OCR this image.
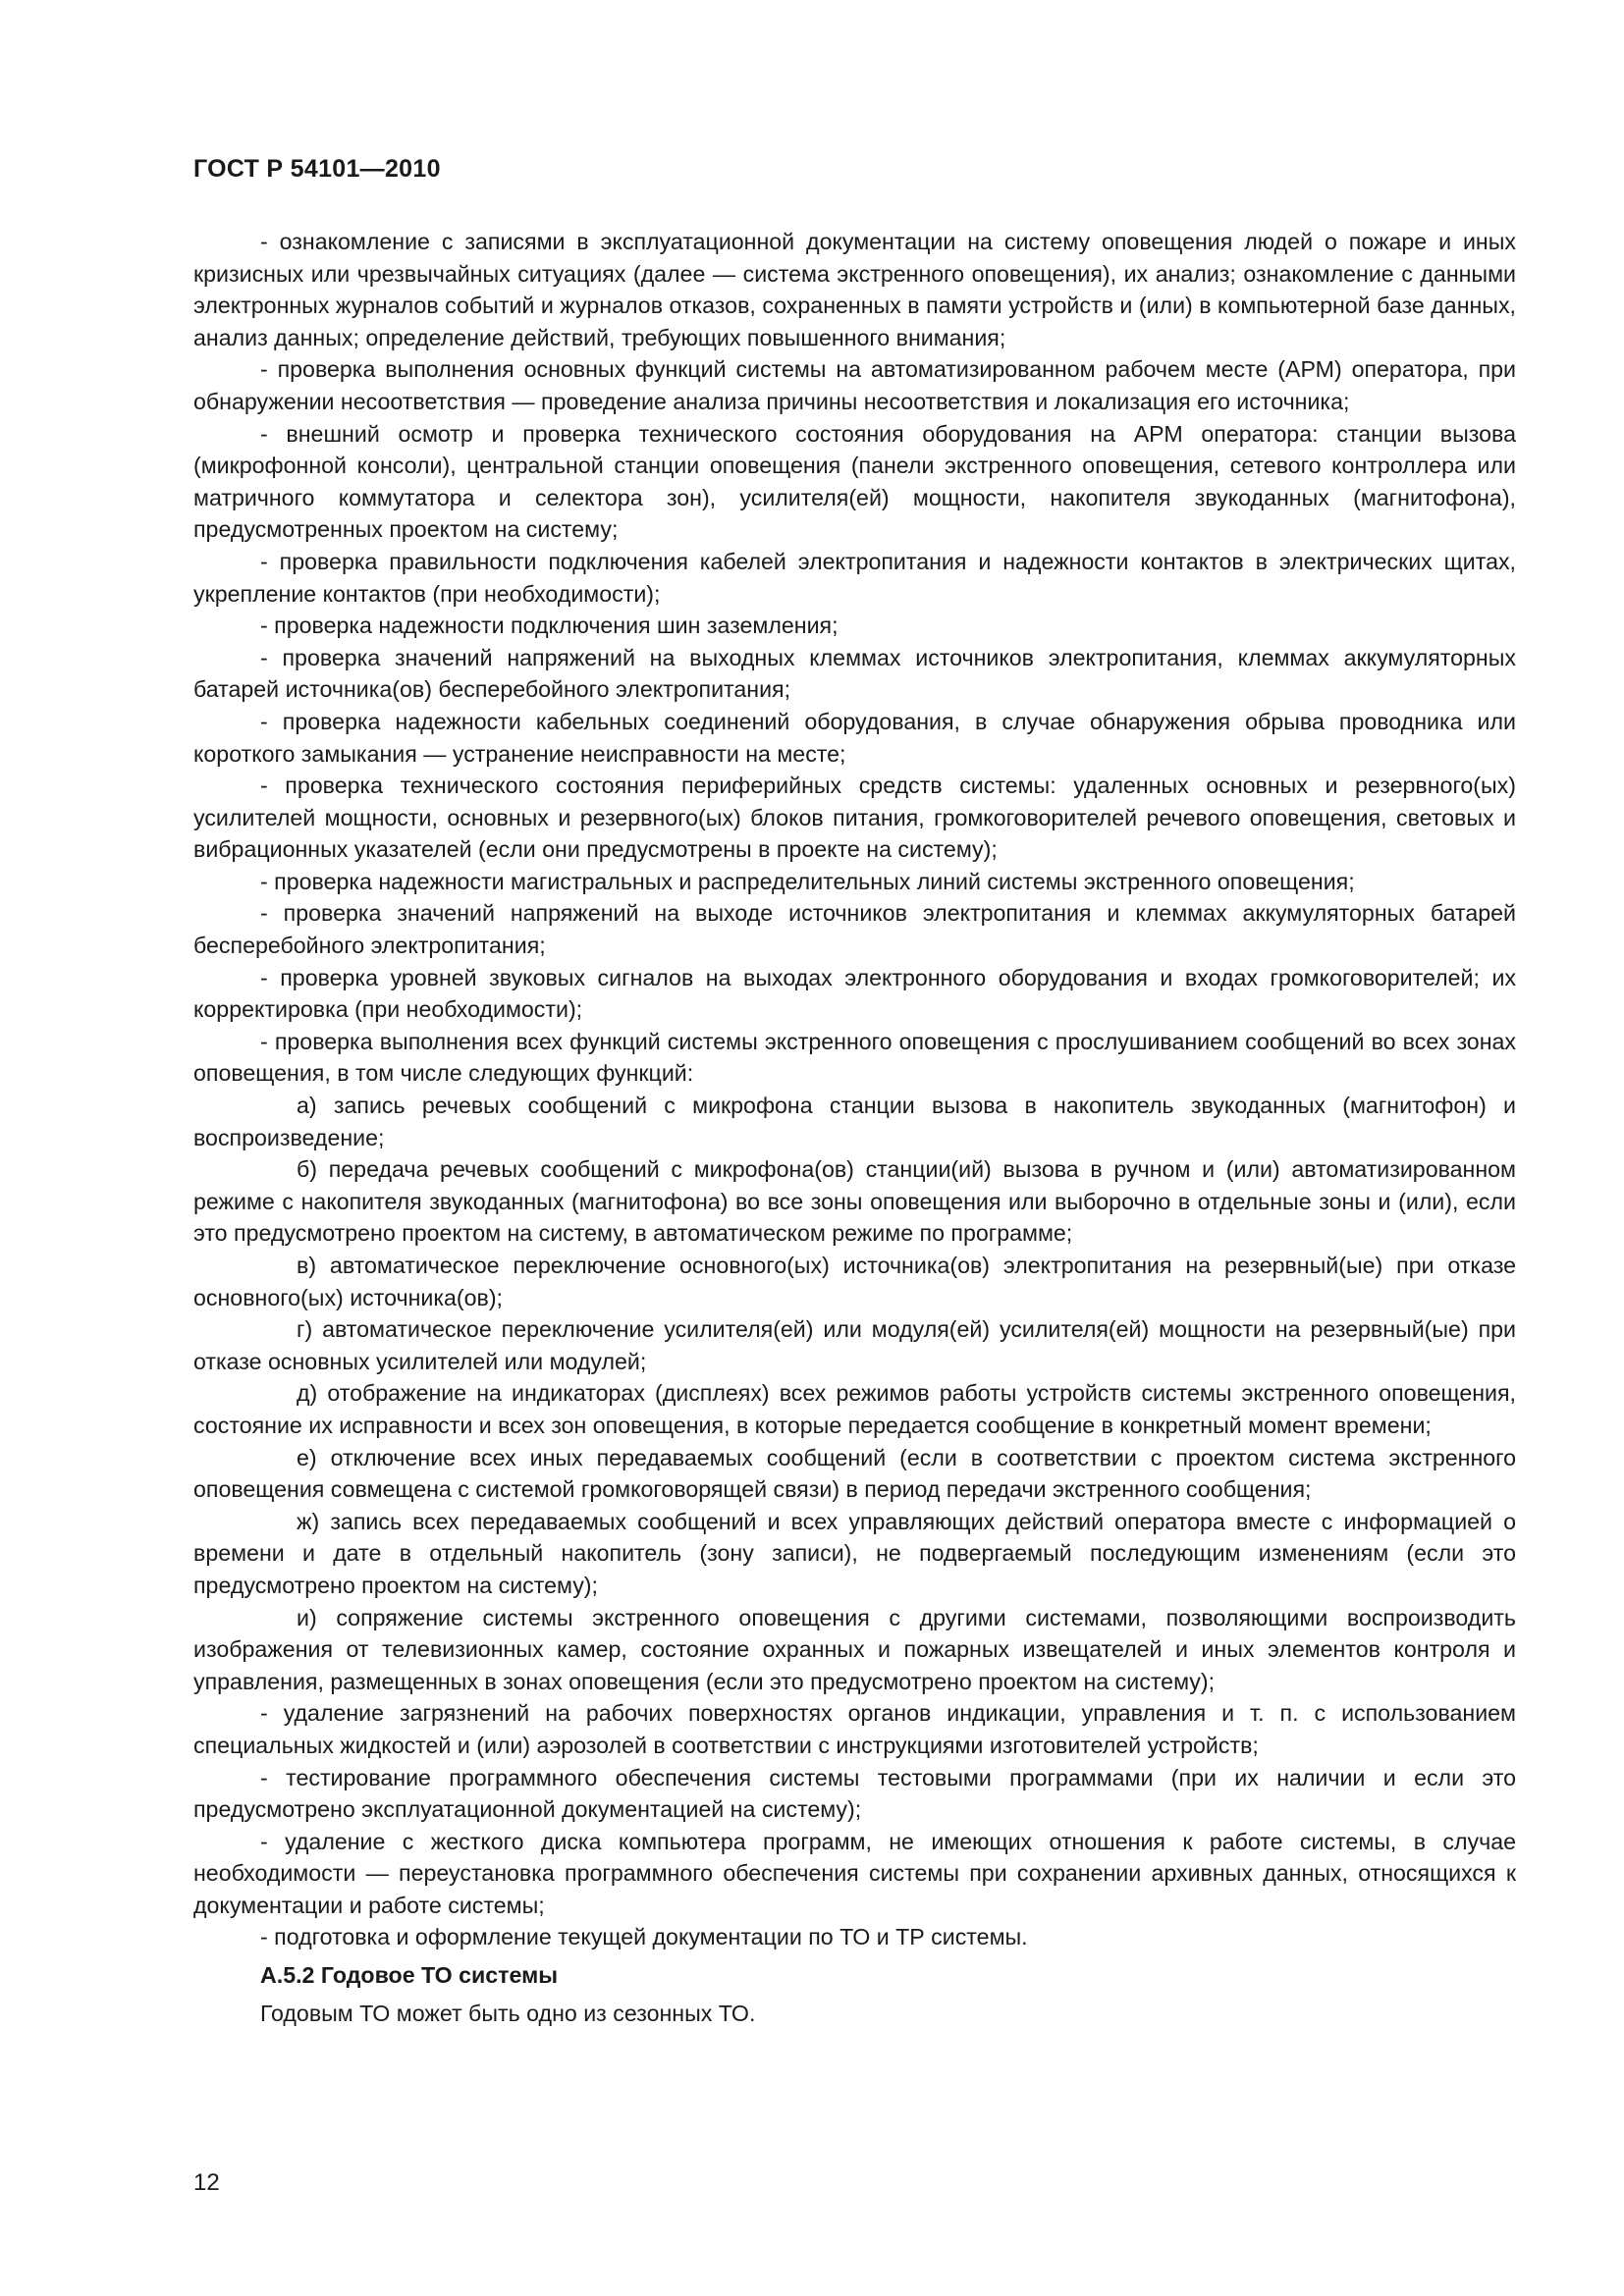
ГОСТ Р 54101—2010

- ознакомление с записями в эксплуатационной документации на систему оповещения людей о пожаре и иных кризисных или чрезвычайных ситуациях (далее — система экстренного оповещения), их анализ; ознакомление с данными электронных журналов событий и журналов отказов, сохраненных в памяти устройств и (или) в компьютерной базе данных, анализ данных; определение действий, требующих повышенного внимания;

- проверка выполнения основных функций системы на автоматизированном рабочем месте (АРМ) оператора, при обнаружении несоответствия — проведение анализа причины несоответствия и локализация его источника;

- внешний осмотр и проверка технического состояния оборудования на АРМ оператора: станции вызова (микрофонной консоли), центральной станции оповещения (панели экстренного оповещения, сетевого контроллера или матричного коммутатора и селектора зон), усилителя(ей) мощности, накопителя звукоданных (магнитофона), предусмотренных проектом на систему;

- проверка правильности подключения кабелей электропитания и надежности контактов в электрических щитах, укрепление контактов (при необходимости);

- проверка надежности подключения шин заземления;

- проверка значений напряжений на выходных клеммах источников электропитания, клеммах аккумуляторных батарей источника(ов) бесперебойного электропитания;

- проверка надежности кабельных соединений оборудования, в случае обнаружения обрыва проводника или короткого замыкания — устранение неисправности на месте;

- проверка технического состояния периферийных средств системы: удаленных основных и резервного(ых) усилителей мощности, основных и резервного(ых) блоков питания, громкоговорителей речевого оповещения, световых и вибрационных указателей (если они предусмотрены в проекте на систему);

- проверка надежности магистральных и распределительных линий системы экстренного оповещения;

- проверка значений напряжений на выходе источников электропитания и клеммах аккумуляторных батарей бесперебойного электропитания;

- проверка уровней звуковых сигналов на выходах электронного оборудования и входах громкоговорителей; их корректировка (при необходимости);

- проверка выполнения всех функций системы экстренного оповещения с прослушиванием сообщений во всех зонах оповещения, в том числе следующих функций:

а) запись речевых сообщений с микрофона станции вызова в накопитель звукоданных (магнитофон) и воспроизведение;

б) передача речевых сообщений с микрофона(ов) станции(ий) вызова в ручном и (или) автоматизированном режиме с накопителя звукоданных (магнитофона) во все зоны оповещения или выборочно в отдельные зоны и (или), если это предусмотрено проектом на систему, в автоматическом режиме по программе;

в) автоматическое переключение основного(ых) источника(ов) электропитания на резервный(ые) при отказе основного(ых) источника(ов);

г) автоматическое переключение усилителя(ей) или модуля(ей) усилителя(ей) мощности на резервный(ые) при отказе основных усилителей или модулей;

д) отображение на индикаторах (дисплеях) всех режимов работы устройств системы экстренного оповещения, состояние их исправности и всех зон оповещения, в которые передается сообщение в конкретный момент времени;

е) отключение всех иных передаваемых сообщений (если в соответствии с проектом система экстренного оповещения совмещена с системой громкоговорящей связи) в период передачи экстренного сообщения;

ж) запись всех передаваемых сообщений и всех управляющих действий оператора вместе с информацией о времени и дате в отдельный накопитель (зону записи), не подвергаемый последующим изменениям (если это предусмотрено проектом на систему);

и) сопряжение системы экстренного оповещения с другими системами, позволяющими воспроизводить изображения от телевизионных камер, состояние охранных и пожарных извещателей и иных элементов контроля и управления, размещенных в зонах оповещения (если это предусмотрено проектом на систему);

- удаление загрязнений на рабочих поверхностях органов индикации, управления и т. п. с использованием специальных жидкостей и (или) аэрозолей в соответствии с инструкциями изготовителей устройств;

- тестирование программного обеспечения системы тестовыми программами (при их наличии и если это предусмотрено эксплуатационной документацией на систему);

- удаление с жесткого диска компьютера программ, не имеющих отношения к работе системы, в случае необходимости — переустановка программного обеспечения системы при сохранении архивных данных, относящихся к документации и работе системы;

- подготовка и оформление текущей документации по ТО и ТР системы.

А.5.2 Годовое ТО системы

Годовым ТО может быть одно из сезонных ТО.

12
